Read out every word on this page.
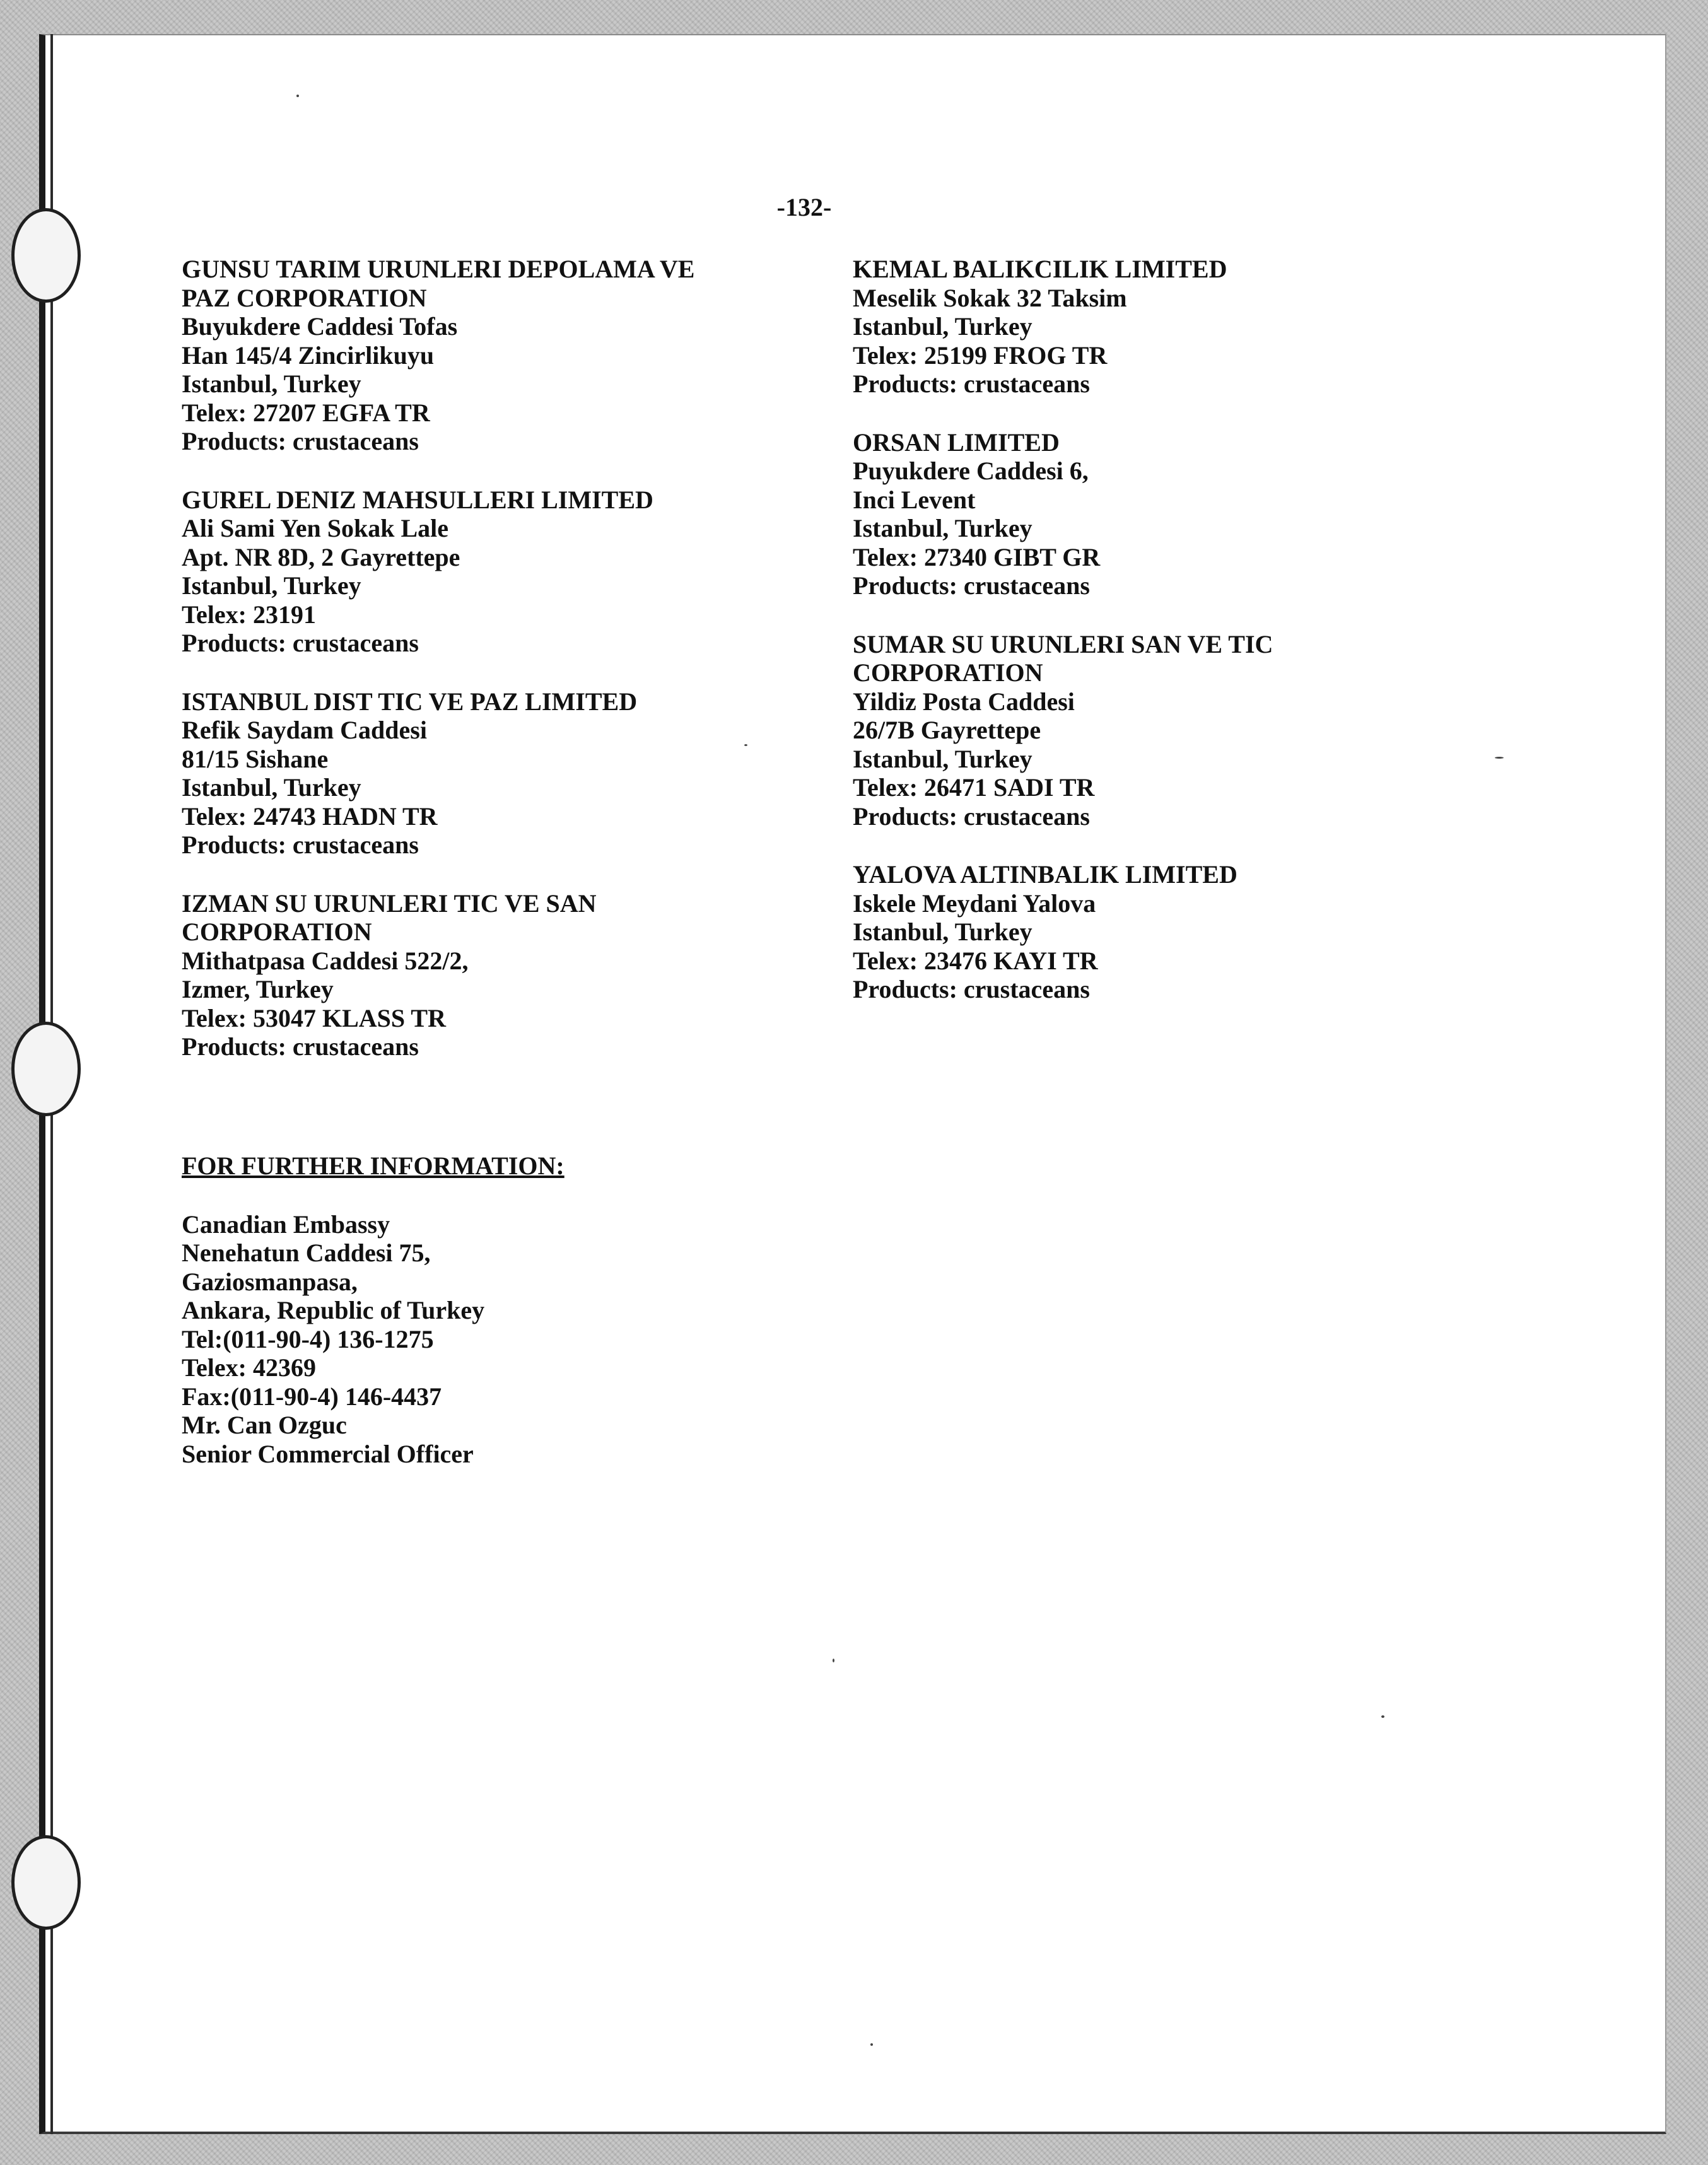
-132-
GUNSU TARIM URUNLERI DEPOLAMA VE
PAZ CORPORATION
Buyukdere Caddesi Tofas
Han 145/4 Zincirlikuyu
Istanbul, Turkey
Telex: 27207 EGFA TR
Products: crustaceans
GUREL DENIZ MAHSULLERI LIMITED
Ali Sami Yen Sokak Lale
Apt. NR 8D, 2 Gayrettepe
Istanbul, Turkey
Telex: 23191
Products: crustaceans
ISTANBUL DIST TIC VE PAZ LIMITED
Refik Saydam Caddesi
81/15 Sishane
Istanbul, Turkey
Telex: 24743 HADN TR
Products: crustaceans
IZMAN SU URUNLERI TIC VE SAN
CORPORATION
Mithatpasa Caddesi 522/2,
Izmer, Turkey
Telex: 53047 KLASS TR
Products: crustaceans
KEMAL BALIKCILIK LIMITED
Meselik Sokak 32 Taksim
Istanbul, Turkey
Telex: 25199 FROG TR
Products: crustaceans
ORSAN LIMITED
Puyukdere Caddesi 6,
Inci Levent
Istanbul, Turkey
Telex: 27340 GIBT GR
Products: crustaceans
SUMAR SU URUNLERI SAN VE TIC
CORPORATION
Yildiz Posta Caddesi
26/7B Gayrettepe
Istanbul, Turkey
Telex: 26471 SADI TR
Products: crustaceans
YALOVA ALTINBALIK LIMITED
Iskele Meydani Yalova
Istanbul, Turkey
Telex: 23476 KAYI TR
Products: crustaceans
FOR FURTHER INFORMATION:
Canadian Embassy
Nenehatun Caddesi 75,
Gaziosmanpasa,
Ankara, Republic of Turkey
Tel:(011-90-4) 136-1275
Telex: 42369
Fax:(011-90-4) 146-4437
Mr. Can Ozguc
Senior Commercial Officer
